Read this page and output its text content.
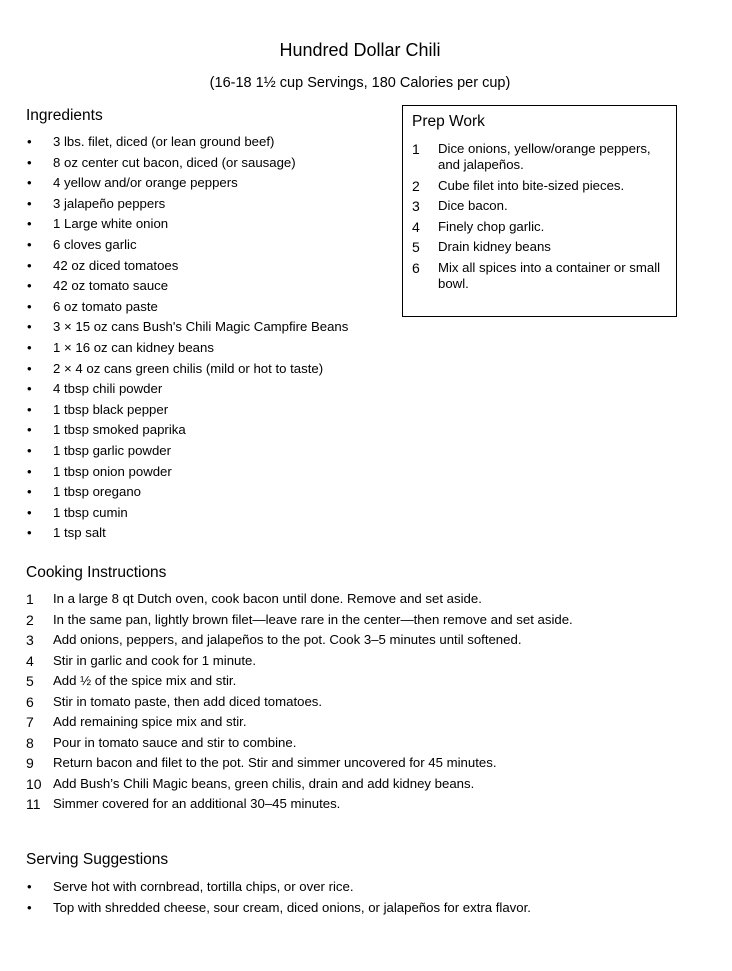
Hundred Dollar Chili
(16-18 1½ cup Servings, 180 Calories per cup)
Ingredients
•	3 lbs. filet, diced (or lean ground beef)
•	8 oz center cut bacon, diced (or sausage)
•	4 yellow and/or orange peppers
•	3 jalapeño peppers
•	1 Large white onion
•	6 cloves garlic
•	42 oz diced tomatoes
•	42 oz tomato sauce
•	6 oz tomato paste
•	3 × 15 oz cans Bush's Chili Magic Campfire Beans
•	1 × 16 oz can kidney beans
•	2 × 4 oz cans green chilis (mild or hot to taste)
•	4 tbsp chili powder
•	1 tbsp black pepper
•	1 tbsp smoked paprika
•	1 tbsp garlic powder
•	1 tbsp onion powder
•	1 tbsp oregano
•	1 tbsp cumin
•	1 tsp salt
Prep Work
1	Dice onions, yellow/orange peppers, and jalapeños.
2	Cube filet into bite-sized pieces.
3	Dice bacon.
4	Finely chop garlic.
5	Drain kidney beans
6	Mix all spices into a container or small bowl.
Cooking Instructions
1	In a large 8 qt Dutch oven, cook bacon until done. Remove and set aside.
2	In the same pan, lightly brown filet—leave rare in the center—then remove and set aside.
3	Add onions, peppers, and jalapeños to the pot. Cook 3–5 minutes until softened.
4	Stir in garlic and cook for 1 minute.
5	Add ½ of the spice mix and stir.
6	Stir in tomato paste, then add diced tomatoes.
7	Add remaining spice mix and stir.
8	Pour in tomato sauce and stir to combine.
9	Return bacon and filet to the pot. Stir and simmer uncovered for 45 minutes.
10 Add Bush’s Chili Magic beans, green chilis, drain and add kidney beans.
11 Simmer covered for an additional 30–45 minutes.
Serving Suggestions
•	Serve hot with cornbread, tortilla chips, or over rice.
•	Top with shredded cheese, sour cream, diced onions, or jalapeños for extra flavor.
